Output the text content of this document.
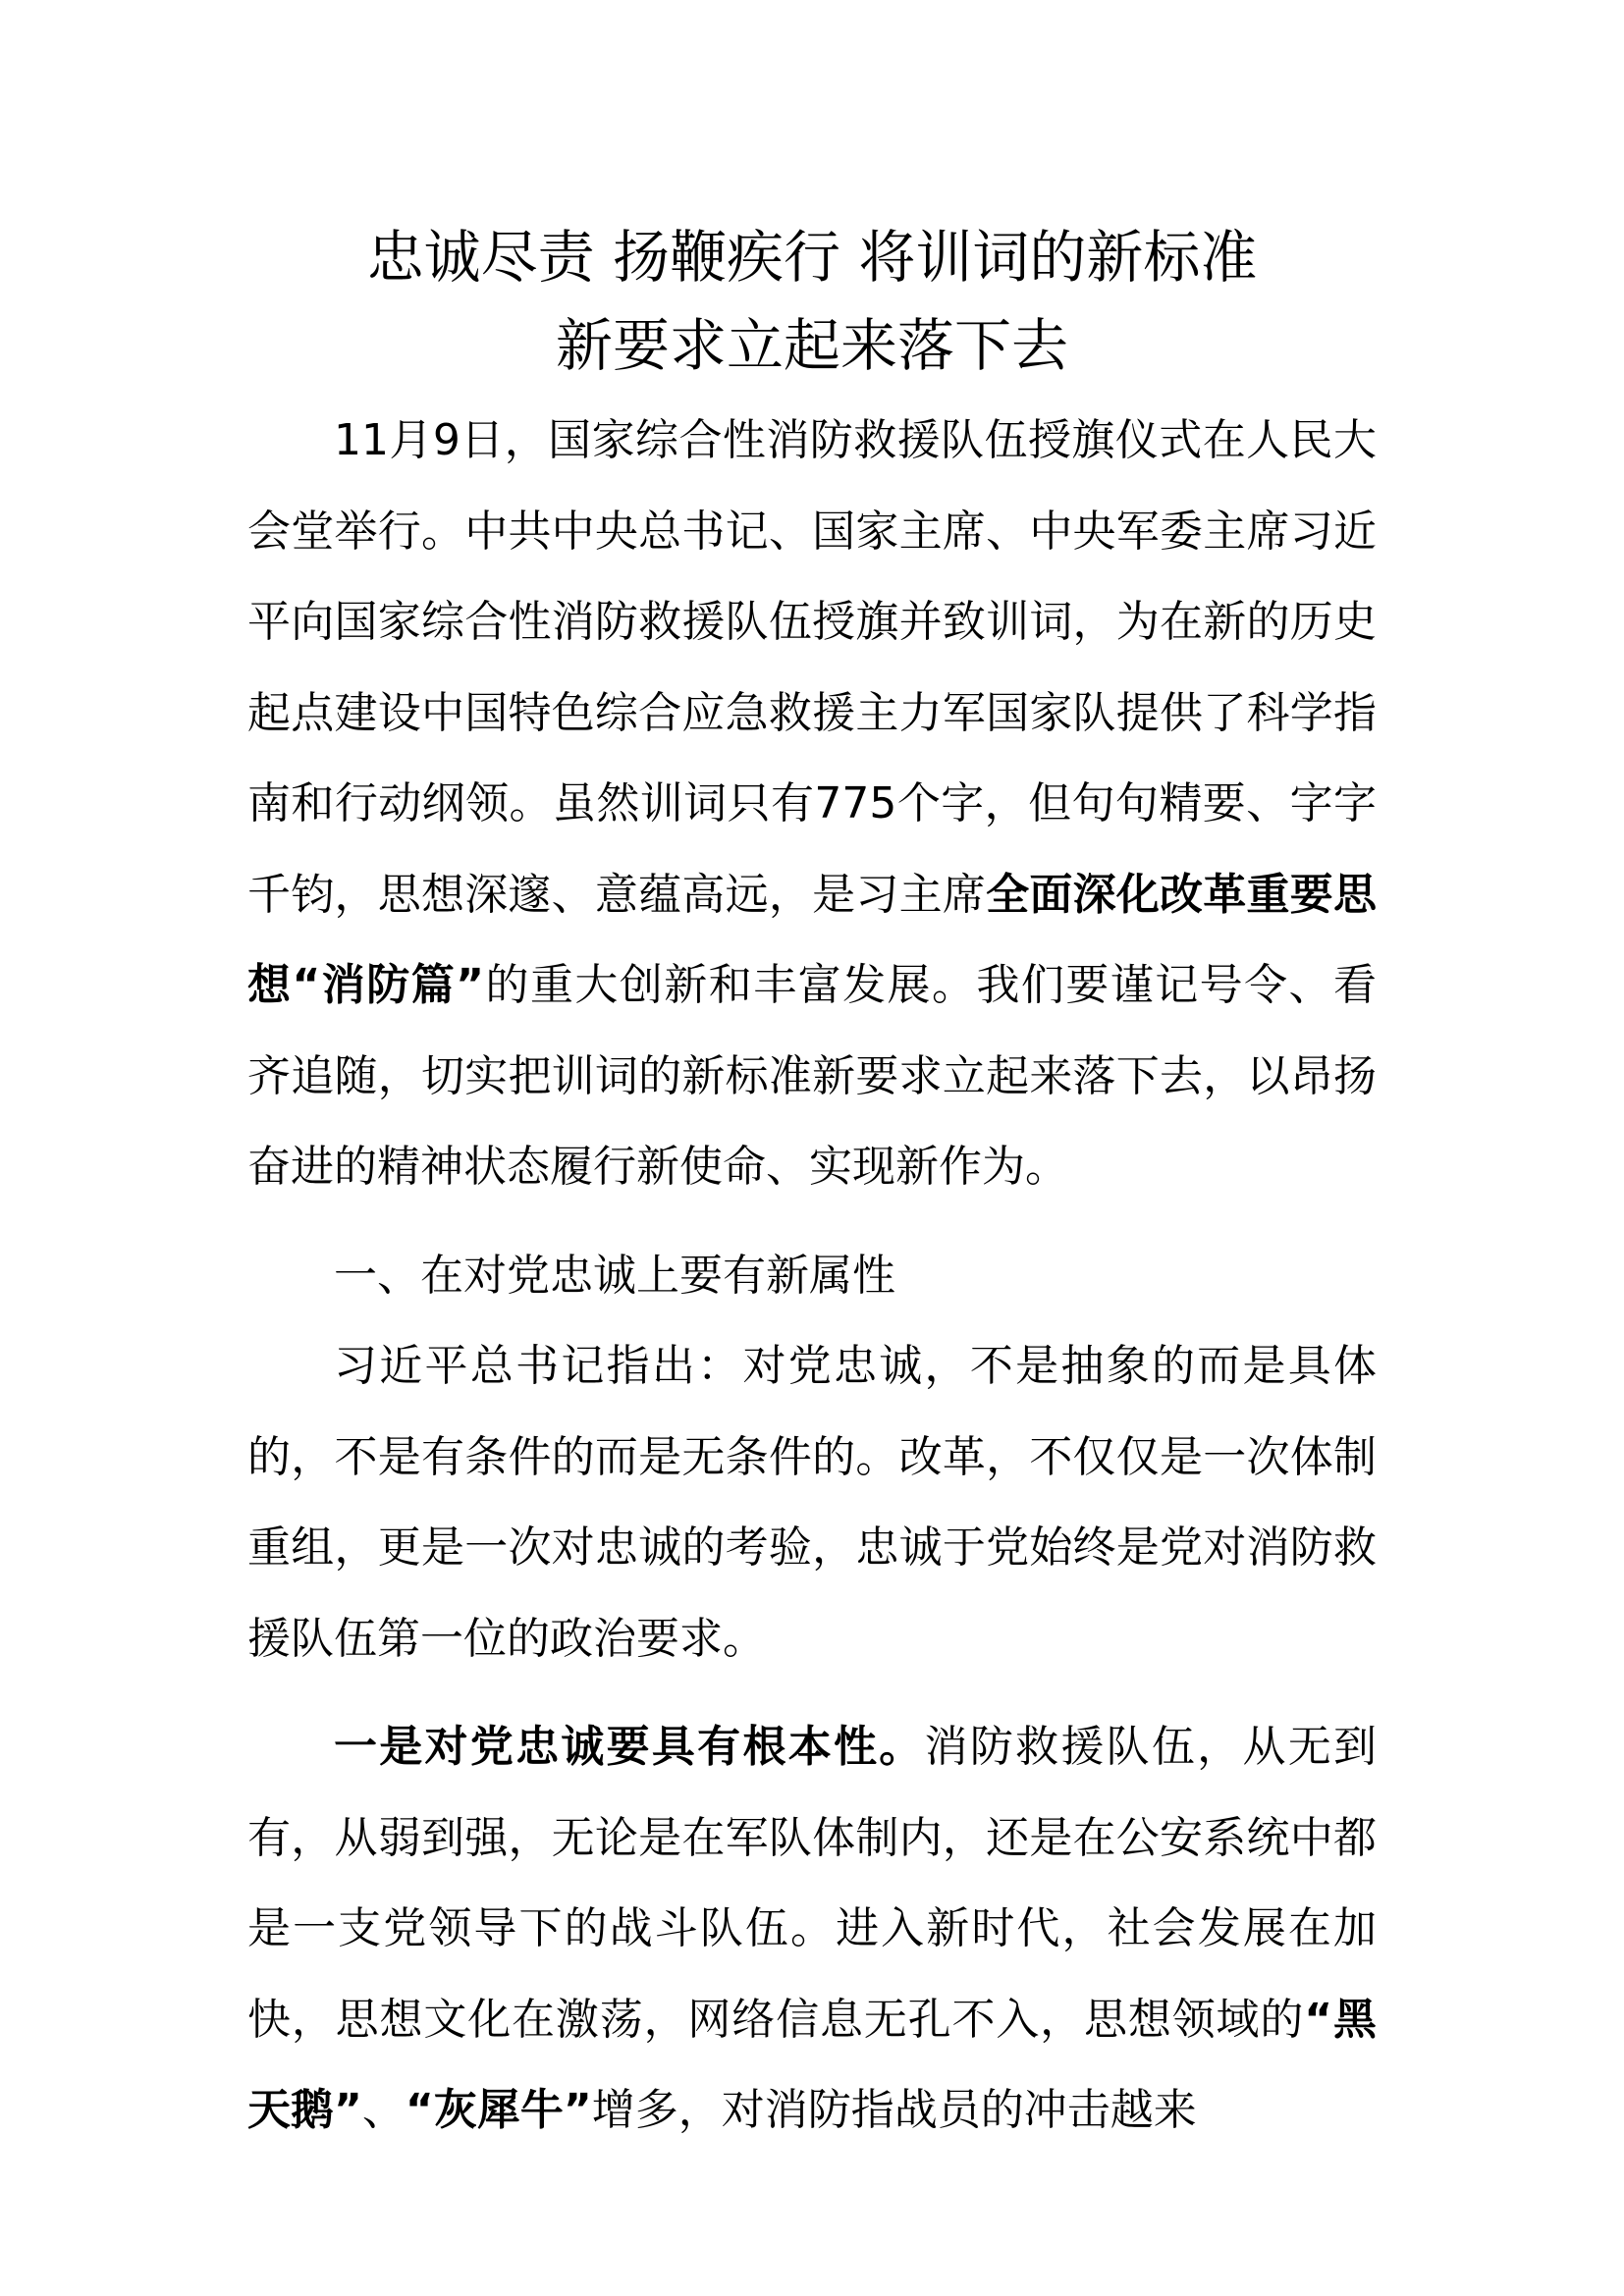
忠诚尽责 扬鞭疾行 将训词的新标准
新要求立起来落下去

11月9日，国家综合性消防救援队伍授旗仪式在人民大会堂举行。中共中央总书记、国家主席、中央军委主席习近平向国家综合性消防救援队伍授旗并致训词，为在新的历史起点建设中国特色综合应急救援主力军国家队提供了科学指南和行动纲领。虽然训词只有775个字，但句句精要、字字千钧，思想深邃、意蕴高远，是习主席全面深化改革重要思想“消防篇”的重大创新和丰富发展。我们要谨记号令、看齐追随，切实把训词的新标准新要求立起来落下去，以昂扬奋进的精神状态履行新使命、实现新作为。

一、在对党忠诚上要有新属性

习近平总书记指出：对党忠诚，不是抽象的而是具体的，不是有条件的而是无条件的。改革，不仅仅是一次体制重组，更是一次对忠诚的考验，忠诚于党始终是党对消防救援队伍第一位的政治要求。

一是对党忠诚要具有根本性。消防救援队伍，从无到有，从弱到强，无论是在军队体制内，还是在公安系统中都是一支党领导下的战斗队伍。进入新时代，社会发展在加快，思想文化在激荡，网络信息无孔不入，思想领域的“黑天鹅”、“灰犀牛”增多，对消防指战员的冲击越来
